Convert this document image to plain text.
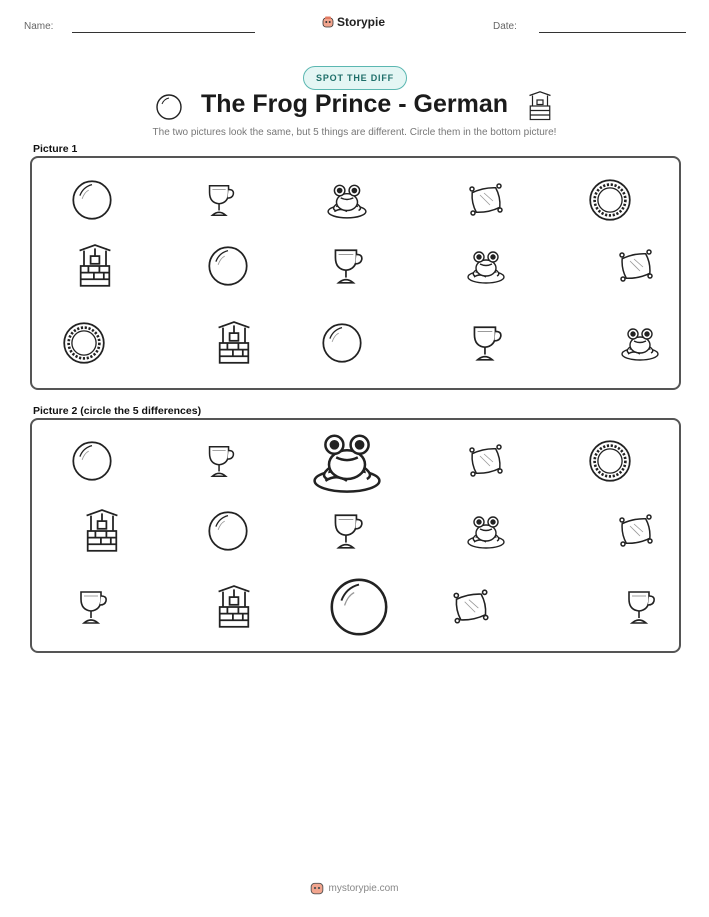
Name:	Storypie	Date:
SPOT THE DIFF
The Frog Prince - German
The two pictures look the same, but 5 things are different. Circle them in the bottom picture!
Picture 1
Picture 2 (circle the 5 differences)
mystorypie.com
